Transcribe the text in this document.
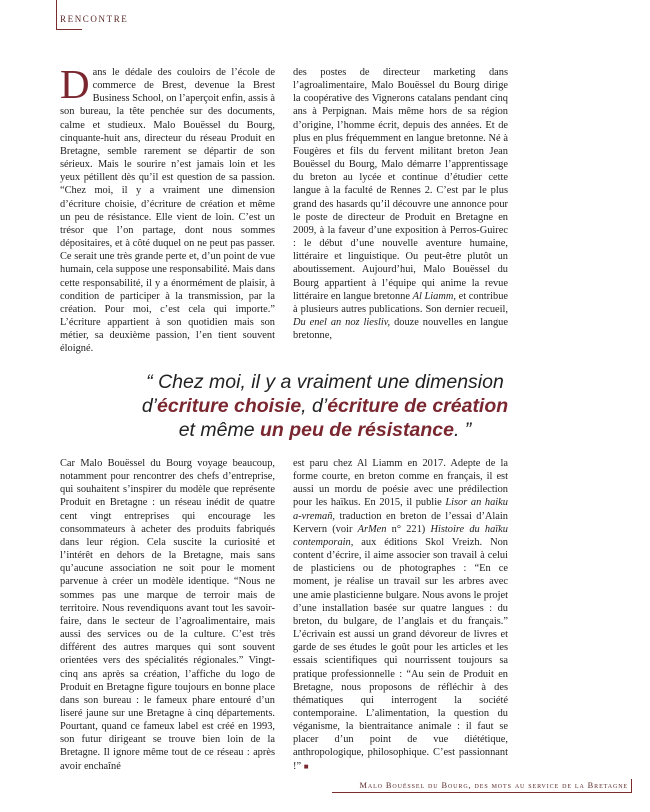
RENCONTRE

Dans le dédale des couloirs de l’école de commerce de Brest, devenue la Brest Business School, on l’aperçoit enfin, assis à son bureau, la tête penchée sur des documents, calme et studieux. Malo Bouëssel du Bourg, cinquante-huit ans, directeur du réseau Produit en Bretagne, semble rarement se départir de son sérieux. Mais le sourire n’est jamais loin et les yeux pétillent dès qu’il est question de sa passion. “Chez moi, il y a vraiment une dimension d’écriture choisie, d’écriture de création et même un peu de résistance. Elle vient de loin. C’est un trésor que l’on partage, dont nous sommes dépositaires, et à côté duquel on ne peut pas passer. Ce serait une très grande perte et, d’un point de vue humain, cela suppose une responsabilité. Mais dans cette responsabilité, il y a énormément de plaisir, à condition de participer à la transmission, par la création. Pour moi, c’est cela qui importe.” L’écriture appartient à son quotidien mais son métier, sa deuxième passion, l’en tient souvent éloigné.

des postes de directeur marketing dans l’agroalimentaire, Malo Bouëssel du Bourg dirige la coopérative des Vignerons catalans pendant cinq ans à Perpignan. Mais même hors de sa région d’origine, l’homme écrit, depuis des années. Et de plus en plus fréquemment en langue bretonne. Né à Fougères et fils du fervent militant breton Jean Bouëssel du Bourg, Malo démarre l’apprentissage du breton au lycée et continue d’étudier cette langue à la faculté de Rennes 2. C’est par le plus grand des hasards qu’il découvre une annonce pour le poste de directeur de Produit en Bretagne en 2009, à la faveur d’une exposition à Perros-Guirec : le début d’une nouvelle aventure humaine, littéraire et linguistique. Ou peut-être plutôt un aboutissement. Aujourd’hui, Malo Bouëssel du Bourg appartient à l’équipe qui anime la revue littéraire en langue bretonne Al Liamm, et contribue à plusieurs autres publications. Son dernier recueil, Du enel an noz liesliv, douze nouvelles en langue bretonne,

“ Chez moi, il y a vraiment une dimension
d’écriture choisie, d’écriture de création
et même un peu de résistance. ”

Car Malo Bouëssel du Bourg voyage beaucoup, notamment pour rencontrer des chefs d’entreprise, qui souhaitent s’inspirer du modèle que représente Produit en Bretagne : un réseau inédit de quatre cent vingt entreprises qui encourage les consommateurs à acheter des produits fabriqués dans leur région. Cela suscite la curiosité et l’intérêt en dehors de la Bretagne, mais sans qu’aucune association ne soit pour le moment parvenue à créer un modèle identique. “Nous ne sommes pas une marque de terroir mais de territoire. Nous revendiquons avant tout les savoir-faire, dans le secteur de l’agroalimentaire, mais aussi des services ou de la culture. C’est très différent des autres marques qui sont souvent orientées vers des spécialités régionales.” Vingt-cinq ans après sa création, l’affiche du logo de Produit en Bretagne figure toujours en bonne place dans son bureau : le fameux phare entouré d’un liseré jaune sur une Bretagne à cinq départements. Pourtant, quand ce fameux label est créé en 1993, son futur dirigeant se trouve bien loin de la Bretagne. Il ignore même tout de ce réseau : après avoir enchaîné

est paru chez Al Liamm en 2017. Adepte de la forme courte, en breton comme en français, il est aussi un mordu de poésie avec une prédilection pour les haïkus. En 2015, il publie Lisor an haiku a-vremañ, traduction en breton de l’essai d’Alain Kervern (voir ArMen n° 221) Histoire du haïku contemporain, aux éditions Skol Vreizh. Non content d’écrire, il aime associer son travail à celui de plasticiens ou de photographes : “En ce moment, je réalise un travail sur les arbres avec une amie plasticienne bulgare. Nous avons le projet d’une installation basée sur quatre langues : du breton, du bulgare, de l’anglais et du français.” L’écrivain est aussi un grand dévoreur de livres et garde de ses études le goût pour les articles et les essais scientifiques qui nourrissent toujours sa pratique professionnelle : “Au sein de Produit en Bretagne, nous proposons de réfléchir à des thématiques qui interrogent la société contemporaine. L’alimentation, la question du véganisme, la bientraitance animale : il faut se placer d’un point de vue diététique, anthropologique, philosophique. C’est passionnant !” ■

Malo Bouëssel du Bourg, des mots au service de la Bretagne
